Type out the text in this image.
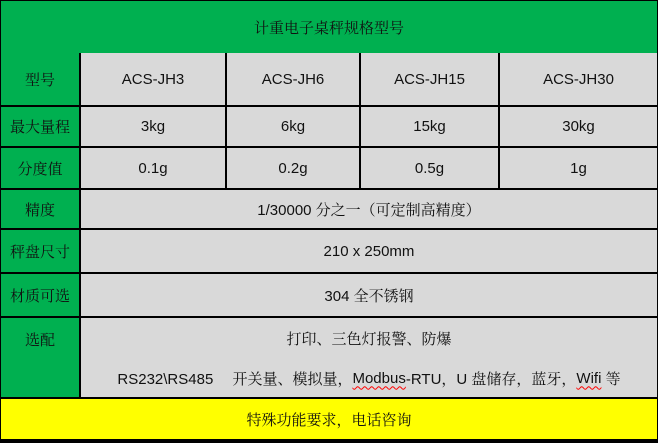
计重电子桌秤规格型号
型号	ACS-JH3	ACS-JH6	ACS-JH15	ACS-JH30
最大量程	3kg	6kg	15kg	30kg
分度值	0.1g	0.2g	0.5g	1g
精度	1/30000 分之一（可定制高精度）
秤盘尺寸	210 x 250mm
材质可选	304 全不锈钢
选配	打印、三色灯报警、防爆
RS232\RS485　 开关量、模拟量， Modbus -RTU，U 盘储存，蓝牙， Wifi 等
特殊功能要求，电话咨询
